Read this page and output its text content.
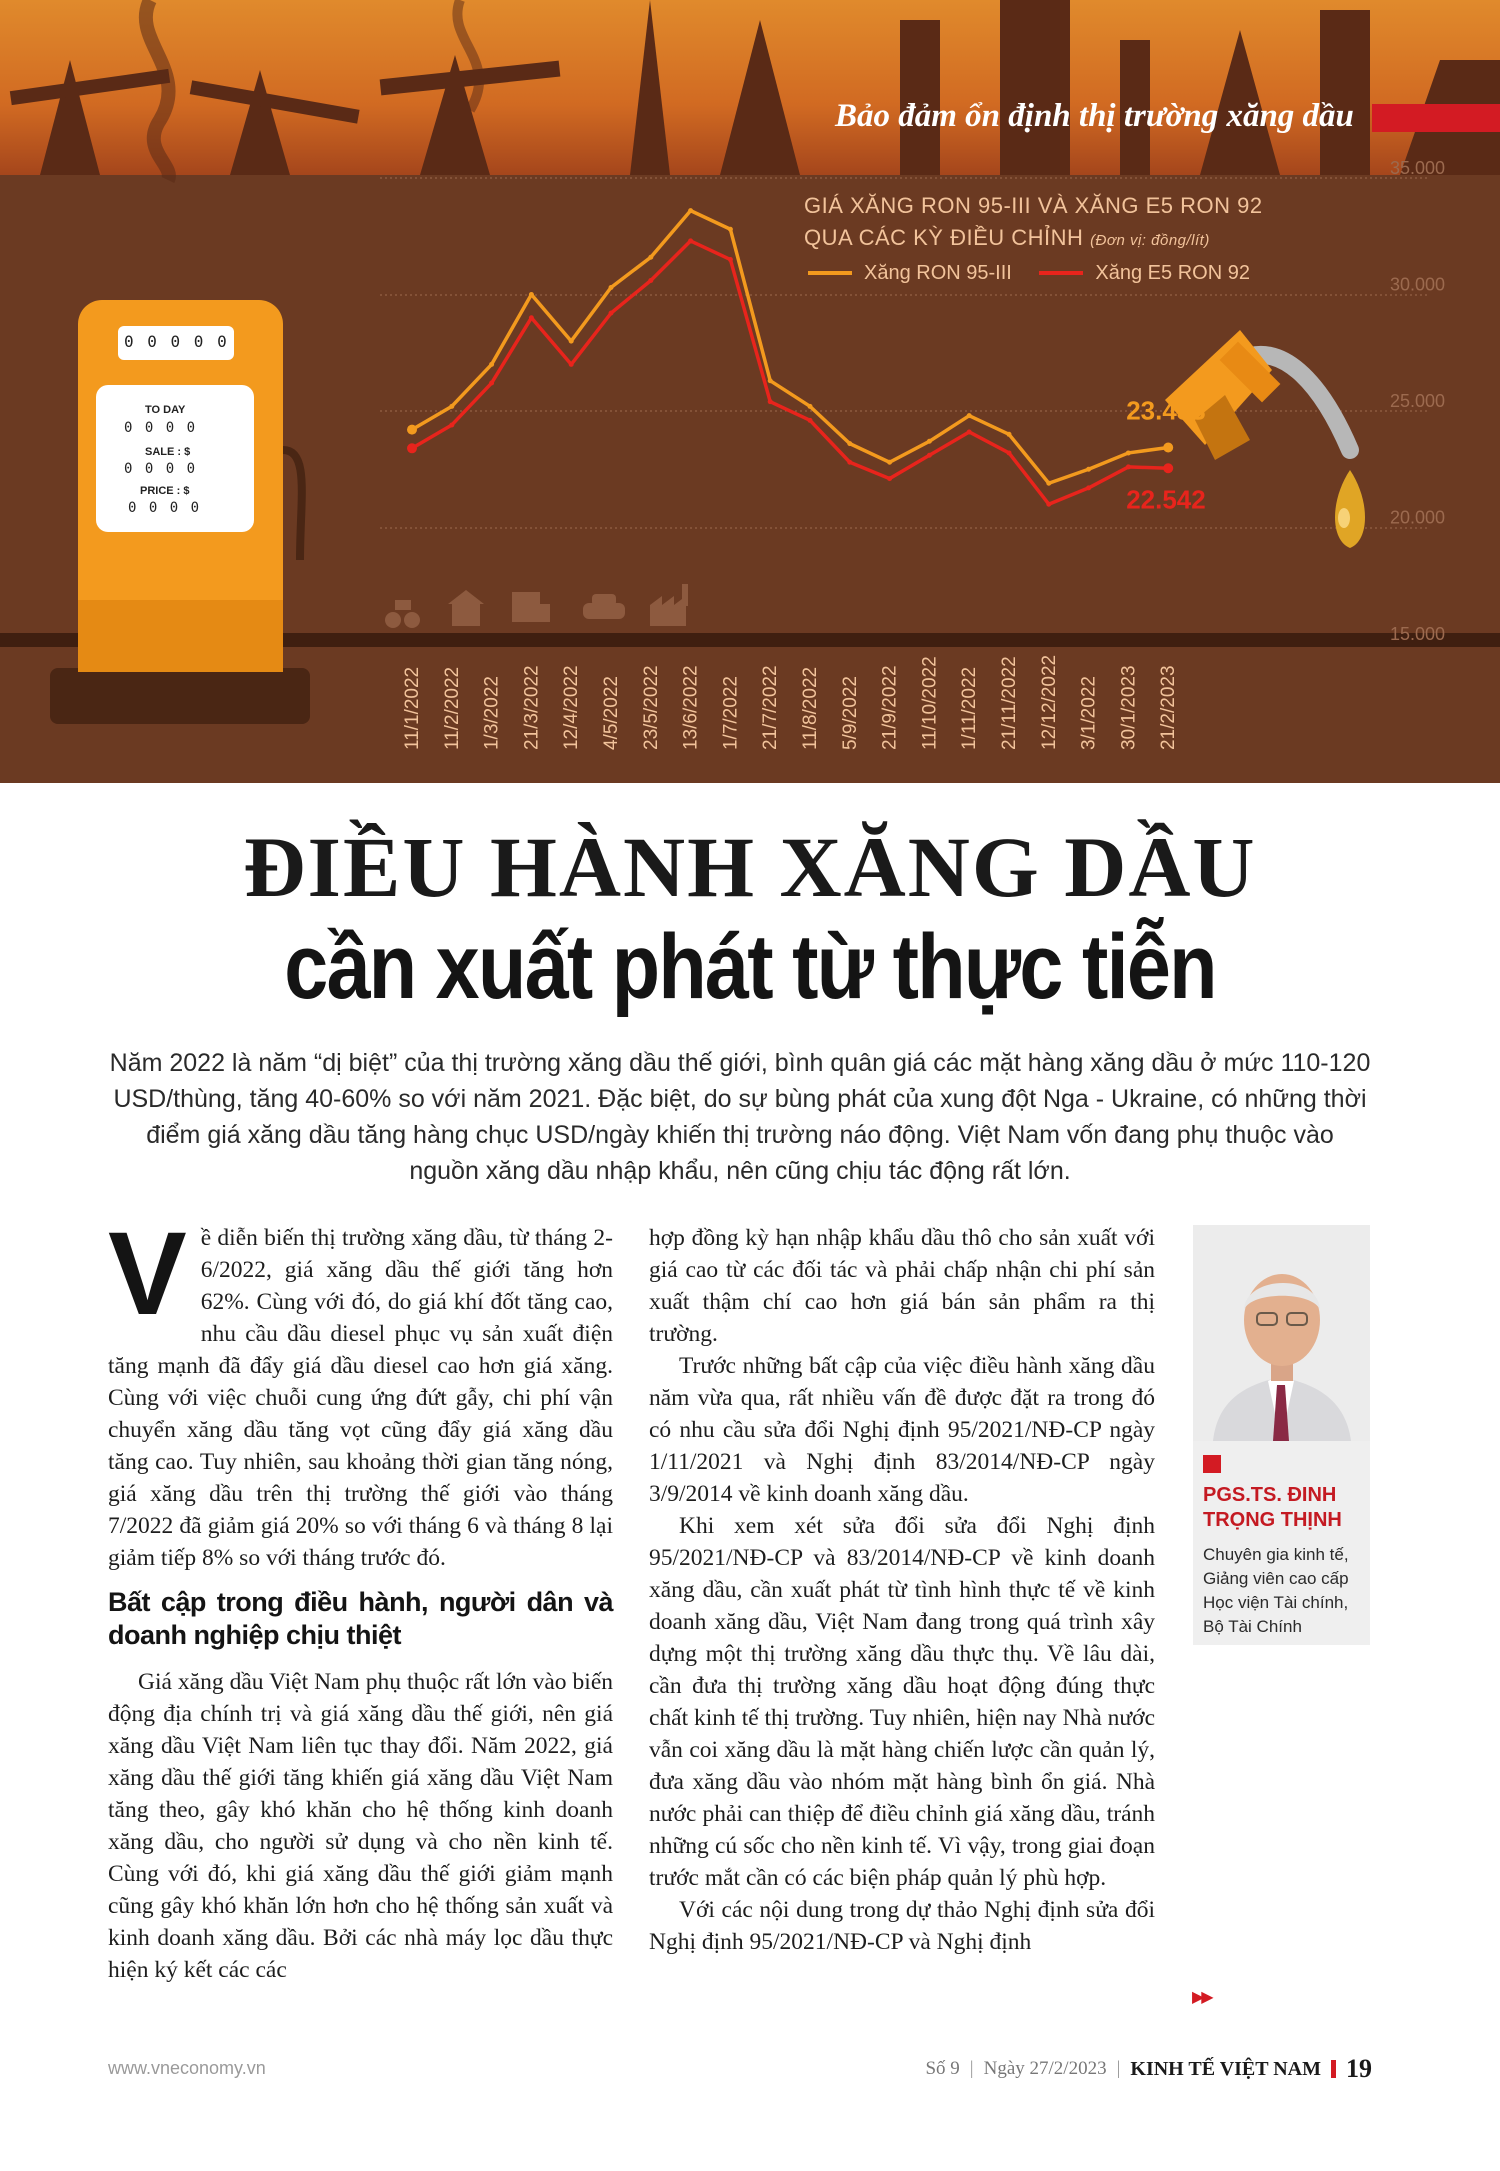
23.433
22.542
35.000
30.000
25.000
20.000
15.000
11/1/2022 11/2/2022 1/3/2022 21/3/2022 12/4/2022 4/5/2022 23/5/2022 13/6/2022 1/7/2022 21/7/2022 11/8/2022 5/9/2022 21/9/2022 11/10/2022 1/11/2022 21/11/2022 12/12/2022 3/1/2022 30/1/2023 21/2/2023
Bảo đảm ổn định thị trường xăng dầu
GIÁ XĂNG RON 95-III VÀ XĂNG E5 RON 92
QUA CÁC KỲ ĐIỀU CHỈNH (Đơn vị: đồng/lít)
Xăng RON 95-III
	Xăng E5 RON 92
0 0 0 0 0
TO DAY
0 0 0 0
SALE : $
0 0 0 0
PRICE : $
0 0 0 0
ĐIỀU HÀNH XĂNG DẦU
cần xuất phát từ thực tiễn

Năm 2022 là năm “dị biệt” của thị trường xăng dầu thế giới, bình quân giá các mặt hàng xăng dầu ở mức 110-120 USD/thùng, tăng 40-60% so với năm 2021. Đặc biệt, do sự bùng phát của xung đột Nga - Ukraine, có những thời điểm giá xăng dầu tăng hàng chục USD/ngày khiến thị trường náo động. Việt Nam vốn đang phụ thuộc vào nguồn xăng dầu nhập khẩu, nên cũng chịu tác động rất lớn.

Về diễn biến thị trường xăng dầu, từ tháng 2-6/2022, giá xăng dầu thế giới tăng hơn 62%. Cùng với đó, do giá khí đốt tăng cao, nhu cầu dầu diesel phục vụ sản xuất điện tăng mạnh đã đẩy giá dầu diesel cao hơn giá xăng. Cùng với việc chuỗi cung ứng đứt gẫy, chi phí vận chuyển xăng dầu tăng vọt cũng đẩy giá xăng dầu tăng cao. Tuy nhiên, sau khoảng thời gian tăng nóng, giá xăng dầu trên thị trường thế giới vào tháng 7/2022 đã giảm giá 20% so với tháng 6 và tháng 8 lại giảm tiếp 8% so với tháng trước đó.

Bất cập trong điều hành, người dân và doanh nghiệp chịu thiệt

Giá xăng dầu Việt Nam phụ thuộc rất lớn vào biến động địa chính trị và giá xăng dầu thế giới, nên giá xăng dầu Việt Nam liên tục thay đổi. Năm 2022, giá xăng dầu thế giới tăng khiến giá xăng dầu Việt Nam tăng theo, gây khó khăn cho hệ thống kinh doanh xăng dầu, cho người sử dụng và cho nền kinh tế. Cùng với đó, khi giá xăng dầu thế giới giảm mạnh cũng gây khó khăn lớn hơn cho hệ thống sản xuất và kinh doanh xăng dầu. Bởi các nhà máy lọc dầu thực hiện ký kết các các

hợp đồng kỳ hạn nhập khẩu dầu thô cho sản xuất với giá cao từ các đối tác và phải chấp nhận chi phí sản xuất thậm chí cao hơn giá bán sản phẩm ra thị trường.

Trước những bất cập của việc điều hành xăng dầu năm vừa qua, rất nhiều vấn đề được đặt ra trong đó có nhu cầu sửa đổi Nghị định 95/2021/NĐ-CP ngày 1/11/2021 và Nghị định 83/2014/NĐ-CP ngày 3/9/2014 về kinh doanh xăng dầu.

Khi xem xét sửa đổi sửa đổi Nghị định 95/2021/NĐ-CP và 83/2014/NĐ-CP về kinh doanh xăng dầu, cần xuất phát từ tình hình thực tế về kinh doanh xăng dầu, Việt Nam đang trong quá trình xây dựng một thị trường xăng dầu thực thụ. Về lâu dài, cần đưa thị trường xăng dầu hoạt động đúng thực chất kinh tế thị trường. Tuy nhiên, hiện nay Nhà nước vẫn coi xăng dầu là mặt hàng chiến lược cần quản lý, đưa xăng dầu vào nhóm mặt hàng bình ổn giá. Nhà nước phải can thiệp để điều chỉnh giá xăng dầu, tránh những cú sốc cho nền kinh tế. Vì vậy, trong giai đoạn trước mắt cần có các biện pháp quản lý phù hợp.

Với các nội dung trong dự thảo Nghị định sửa đổi Nghị định 95/2021/NĐ-CP và Nghị định

PGS.TS. ĐINH TRỌNG THỊNH
Chuyên gia kinh tế, Giảng viên cao cấp Học viện Tài chính, Bộ Tài Chính
▶▶
www.vneconomy.vn	Số 9 | Ngày 27/2/2023 | KINH TẾ VIỆT NAM 19
